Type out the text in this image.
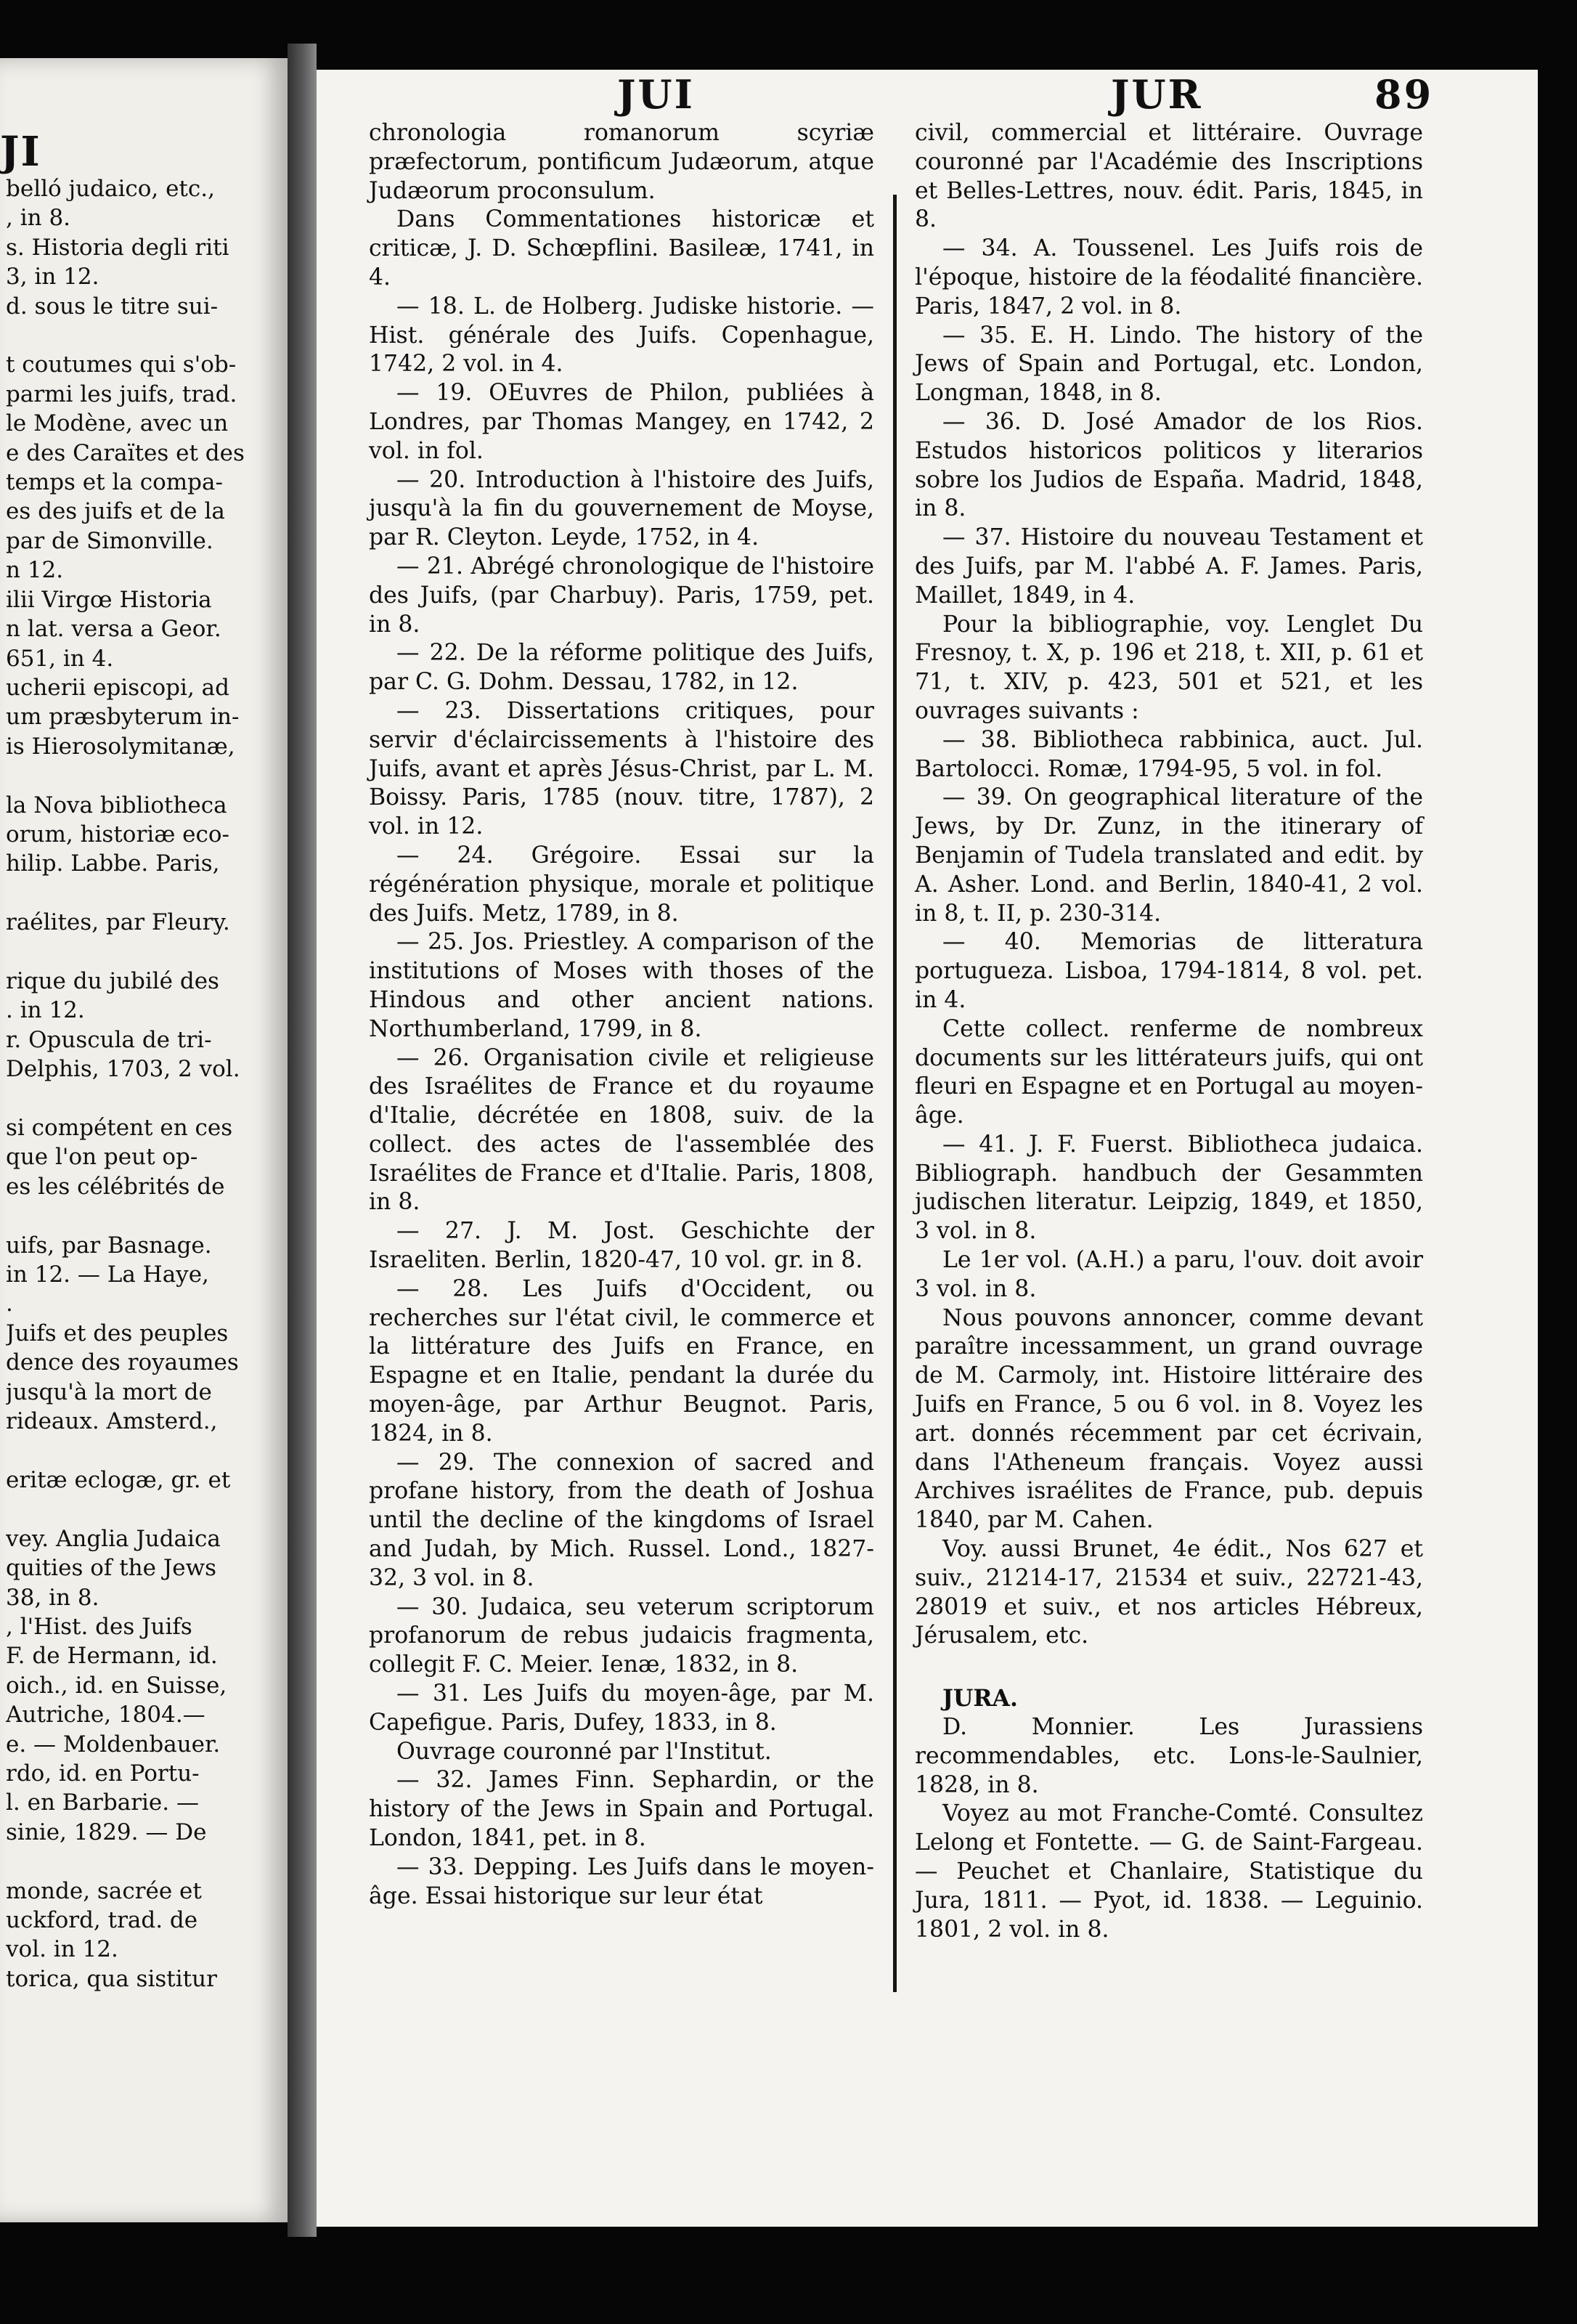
JI
belló judaico, etc.,
, in 8.
s. Historia degli riti
3, in 12.
d. sous le titre sui-

t coutumes qui s'ob-
parmi les juifs, trad.
le Modène, avec un
e des Caraïtes et des
temps et la compa-
es des juifs et de la
par de Simonville.
n 12.
ilii Virgœ Historia
n lat. versa a Geor.
651, in 4.
ucherii episcopi, ad
um præsbyterum in-
is Hierosolymitanæ,

la Nova bibliotheca
orum, historiæ eco-
hilip. Labbe. Paris,

raélites, par Fleury.

rique du jubilé des
. in 12.
r. Opuscula de tri-
Delphis, 1703, 2 vol.

si compétent en ces
que l'on peut op-
es les célébrités de

uifs, par Basnage.
in 12. — La Haye,
.
Juifs et des peuples
dence des royaumes
jusqu'à la mort de
rideaux. Amsterd.,

eritæ eclogæ, gr. et

vey. Anglia Judaica
quities of the Jews
38, in 8.
, l'Hist. des Juifs
F. de Hermann, id.
oich., id. en Suisse,
Autriche, 1804.—
e. — Moldenbauer.
rdo, id. en Portu-
l. en Barbarie. —
sinie, 1829. — De

monde, sacrée et
uckford, trad. de
vol. in 12.
torica, qua sistitur
JUI	JUR	89

chronologia romanorum scyriæ præfectorum, pontificum Judæorum, atque Judæorum proconsulum.

Dans Commentationes historicæ et criticæ, J. D. Schœpflini. Basileæ, 1741, in 4.

— 18. L. de Holberg. Judiske historie. — Hist. générale des Juifs. Copenhague, 1742, 2 vol. in 4.

— 19. OEuvres de Philon, publiées à Londres, par Thomas Mangey, en 1742, 2 vol. in fol.

— 20. Introduction à l'histoire des Juifs, jusqu'à la fin du gouvernement de Moyse, par R. Cleyton. Leyde, 1752, in 4.

— 21. Abrégé chronologique de l'histoire des Juifs, (par Charbuy). Paris, 1759, pet. in 8.

— 22. De la réforme politique des Juifs, par C. G. Dohm. Dessau, 1782, in 12.

— 23. Dissertations critiques, pour servir d'éclaircissements à l'histoire des Juifs, avant et après Jésus-Christ, par L. M. Boissy. Paris, 1785 (nouv. titre, 1787), 2 vol. in 12.

— 24. Grégoire. Essai sur la régénération physique, morale et politique des Juifs. Metz, 1789, in 8.

— 25. Jos. Priestley. A comparison of the institutions of Moses with thoses of the Hindous and other ancient nations. Northumberland, 1799, in 8.

— 26. Organisation civile et religieuse des Israélites de France et du royaume d'Italie, décrétée en 1808, suiv. de la collect. des actes de l'assemblée des Israélites de France et d'Italie. Paris, 1808, in 8.

— 27. J. M. Jost. Geschichte der Israeliten. Berlin, 1820-47, 10 vol. gr. in 8.

— 28. Les Juifs d'Occident, ou recherches sur l'état civil, le commerce et la littérature des Juifs en France, en Espagne et en Italie, pendant la durée du moyen-âge, par Arthur Beugnot. Paris, 1824, in 8.

— 29. The connexion of sacred and profane history, from the death of Joshua until the decline of the kingdoms of Israel and Judah, by Mich. Russel. Lond., 1827-32, 3 vol. in 8.

— 30. Judaica, seu veterum scriptorum profanorum de rebus judaicis fragmenta, collegit F. C. Meier. Ienæ, 1832, in 8.

— 31. Les Juifs du moyen-âge, par M. Capefigue. Paris, Dufey, 1833, in 8.

Ouvrage couronné par l'Institut.

— 32. James Finn. Sephardin, or the history of the Jews in Spain and Portugal. London, 1841, pet. in 8.

— 33. Depping. Les Juifs dans le moyen-âge. Essai historique sur leur état

civil, commercial et littéraire. Ouvrage couronné par l'Académie des Inscriptions et Belles-Lettres, nouv. édit. Paris, 1845, in 8.

— 34. A. Toussenel. Les Juifs rois de l'époque, histoire de la féodalité financière. Paris, 1847, 2 vol. in 8.

— 35. E. H. Lindo. The history of the Jews of Spain and Portugal, etc. London, Longman, 1848, in 8.

— 36. D. José Amador de los Rios. Estudos historicos politicos y literarios sobre los Judios de España. Madrid, 1848, in 8.

— 37. Histoire du nouveau Testament et des Juifs, par M. l'abbé A. F. James. Paris, Maillet, 1849, in 4.

Pour la bibliographie, voy. Lenglet Du Fresnoy, t. X, p. 196 et 218, t. XII, p. 61 et 71, t. XIV, p. 423, 501 et 521, et les ouvrages suivants :

— 38. Bibliotheca rabbinica, auct. Jul. Bartolocci. Romæ, 1794-95, 5 vol. in fol.

— 39. On geographical literature of the Jews, by Dr. Zunz, in the itinerary of Benjamin of Tudela translated and edit. by A. Asher. Lond. and Berlin, 1840-41, 2 vol. in 8, t. II, p. 230-314.

— 40. Memorias de litteratura portugueza. Lisboa, 1794-1814, 8 vol. pet. in 4.

Cette collect. renferme de nombreux documents sur les littérateurs juifs, qui ont fleuri en Espagne et en Portugal au moyen-âge.

— 41. J. F. Fuerst. Bibliotheca judaica. Bibliograph. handbuch der Gesammten judischen literatur. Leipzig, 1849, et 1850, 3 vol. in 8.

Le 1er vol. (A.H.) a paru, l'ouv. doit avoir 3 vol. in 8.

Nous pouvons annoncer, comme devant paraître incessamment, un grand ouvrage de M. Carmoly, int. Histoire littéraire des Juifs en France, 5 ou 6 vol. in 8. Voyez les art. donnés récemment par cet écrivain, dans l'Atheneum français. Voyez aussi Archives israélites de France, pub. depuis 1840, par M. Cahen.

Voy. aussi Brunet, 4e édit., Nos 627 et suiv., 21214-17, 21534 et suiv., 22721-43, 28019 et suiv., et nos articles Hébreux, Jérusalem, etc.

JURA.

D. Monnier. Les Jurassiens recommendables, etc. Lons-le-Saulnier, 1828, in 8.

Voyez au mot Franche-Comté. Consultez Lelong et Fontette. — G. de Saint-Fargeau. — Peuchet et Chanlaire, Statistique du Jura, 1811. — Pyot, id. 1838. — Leguinio. 1801, 2 vol. in 8.
